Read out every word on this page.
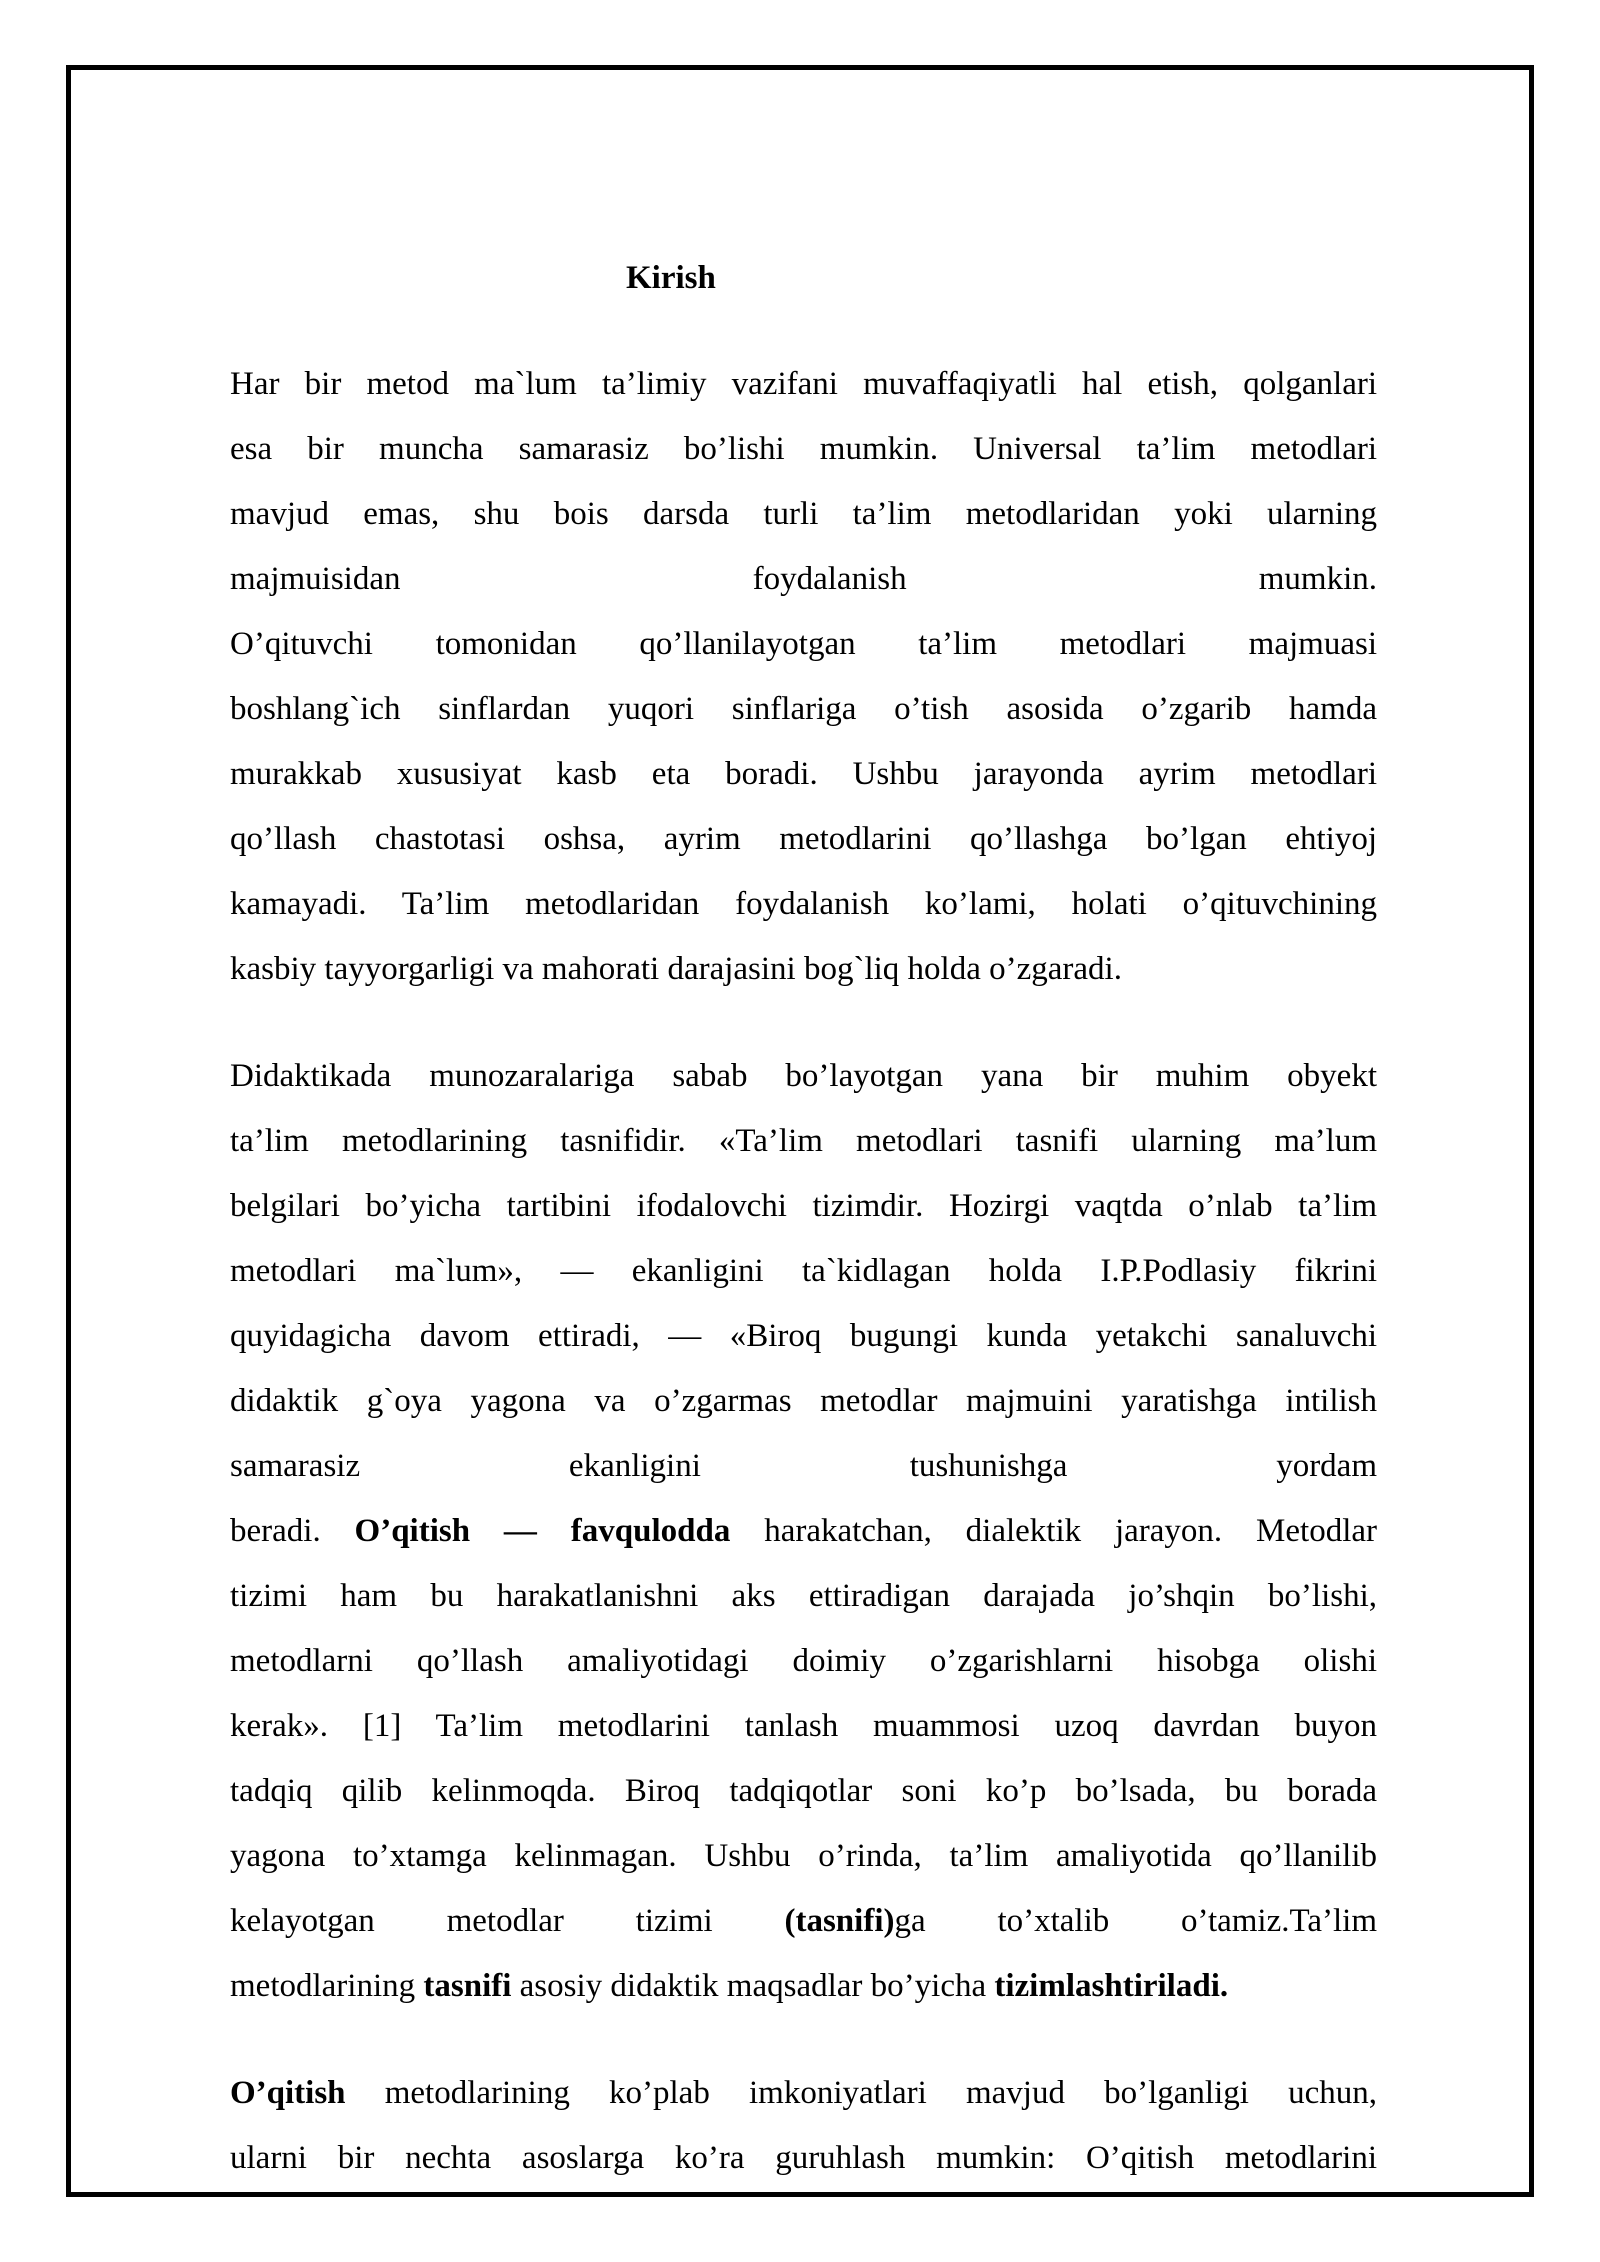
Kirish
Har bir metod ma`lum ta’limiy vazifani muvaffaqiyatli hal etish, qolganlari
esa bir muncha samarasiz bo’lishi mumkin. Universal ta’lim metodlari
mavjud emas, shu bois darsda turli ta’lim metodlaridan yoki ularning
majmuisidan foydalanish mumkin.
O’qituvchi tomonidan qo’llanilayotgan ta’lim metodlari majmuasi
boshlang`ich sinflardan yuqori sinflariga o’tish asosida o’zgarib hamda
murakkab xususiyat kasb eta boradi. Ushbu jarayonda ayrim metodlari
qo’llash chastotasi oshsa, ayrim metodlarini qo’llashga bo’lgan ehtiyoj
kamayadi. Ta’lim metodlaridan foydalanish ko’lami, holati o’qituvchining
kasbiy tayyorgarligi va mahorati darajasini bog`liq holda o’zgaradi.
Didaktikada munozaralariga sabab bo’layotgan yana bir muhim obyekt
ta’lim metodlarining tasnifidir. «Ta’lim metodlari tasnifi ularning ma’lum
belgilari bo’yicha tartibini ifodalovchi tizimdir. Hozirgi vaqtda o’nlab ta’lim
metodlari ma`lum», — ekanligini ta`kidlagan holda I.P.Podlasiy fikrini
quyidagicha davom ettiradi, — «Biroq bugungi kunda yetakchi sanaluvchi
didaktik g`oya yagona va o’zgarmas metodlar majmuini yaratishga intilish
samarasiz ekanligini tushunishga yordam
beradi. O’qitish — favqulodda harakatchan, dialektik jarayon. Metodlar
tizimi ham bu harakatlanishni aks ettiradigan darajada jo’shqin bo’lishi,
metodlarni qo’llash amaliyotidagi doimiy o’zgarishlarni hisobga olishi
kerak». [1] Ta’lim metodlarini tanlash muammosi uzoq davrdan buyon
tadqiq qilib kelinmoqda. Biroq tadqiqotlar soni ko’p bo’lsada, bu borada
yagona to’xtamga kelinmagan. Ushbu o’rinda, ta’lim amaliyotida qo’llanilib
kelayotgan metodlar tizimi (tasnifi)ga to’xtalib o’tamiz.Ta’lim
metodlarining tasnifi asosiy didaktik maqsadlar bo’yicha tizimlashtiriladi.
O’qitish metodlarining ko’plab imkoniyatlari mavjud bo’lganligi uchun,
ularni bir nechta asoslarga ko’ra guruhlash mumkin: O’qitish metodlarini
